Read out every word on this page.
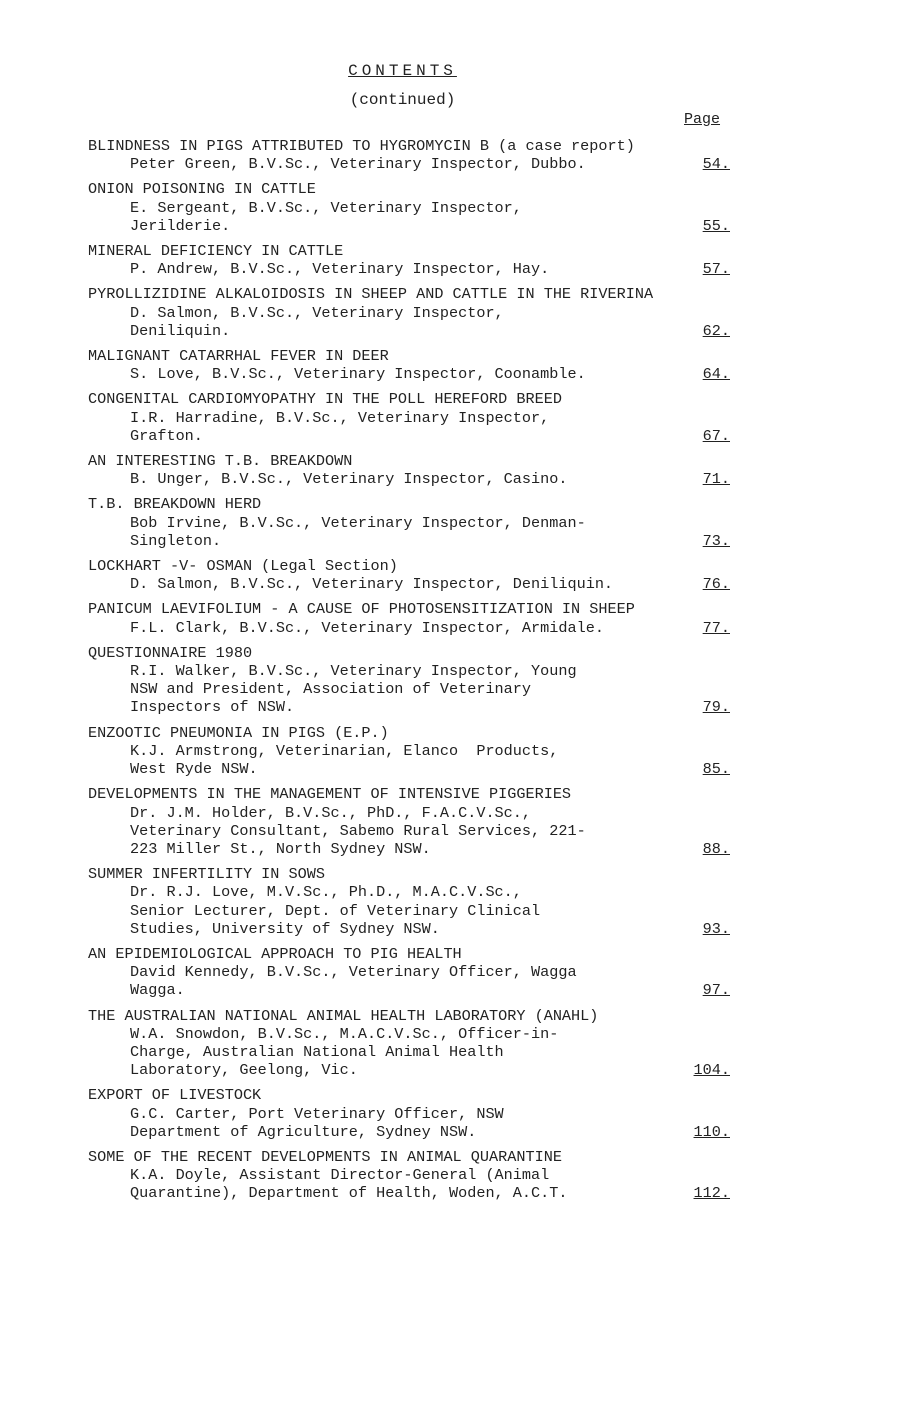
CONTENTS
(continued)
Page
BLINDNESS IN PIGS ATTRIBUTED TO HYGROMYCIN B (a case report)
Peter Green, B.V.Sc., Veterinary Inspector, Dubbo.	54.
ONION POISONING IN CATTLE
E. Sergeant, B.V.Sc., Veterinary Inspector,
Jerilderie.	55.
MINERAL DEFICIENCY IN CATTLE
P. Andrew, B.V.Sc., Veterinary Inspector, Hay.	57.
PYROLLIZIDINE ALKALOIDOSIS IN SHEEP AND CATTLE IN THE RIVERINA
D. Salmon, B.V.Sc., Veterinary Inspector,
Deniliquin.	62.
MALIGNANT CATARRHAL FEVER IN DEER
S. Love, B.V.Sc., Veterinary Inspector, Coonamble.	64.
CONGENITAL CARDIOMYOPATHY IN THE POLL HEREFORD BREED
I.R. Harradine, B.V.Sc., Veterinary Inspector,
Grafton.	67.
AN INTERESTING T.B. BREAKDOWN
B. Unger, B.V.Sc., Veterinary Inspector, Casino.	71.
T.B. BREAKDOWN HERD
Bob Irvine, B.V.Sc., Veterinary Inspector, Denman-
Singleton.	73.
LOCKHART -V- OSMAN (Legal Section)
D. Salmon, B.V.Sc., Veterinary Inspector, Deniliquin.	76.
PANICUM LAEVIFOLIUM - A CAUSE OF PHOTOSENSITIZATION IN SHEEP
F.L. Clark, B.V.Sc., Veterinary Inspector, Armidale.	77.
QUESTIONNAIRE 1980
R.I. Walker, B.V.Sc., Veterinary Inspector, Young
NSW and President, Association of Veterinary
Inspectors of NSW.	79.
ENZOOTIC PNEUMONIA IN PIGS (E.P.)
K.J. Armstrong, Veterinarian, Elanco  Products,
West Ryde NSW.	85.
DEVELOPMENTS IN THE MANAGEMENT OF INTENSIVE PIGGERIES
Dr. J.M. Holder, B.V.Sc., PhD., F.A.C.V.Sc.,
Veterinary Consultant, Sabemo Rural Services, 221-
223 Miller St., North Sydney NSW.	88.
SUMMER INFERTILITY IN SOWS
Dr. R.J. Love, M.V.Sc., Ph.D., M.A.C.V.Sc.,
Senior Lecturer, Dept. of Veterinary Clinical
Studies, University of Sydney NSW.	93.
AN EPIDEMIOLOGICAL APPROACH TO PIG HEALTH
David Kennedy, B.V.Sc., Veterinary Officer, Wagga
Wagga.	97.
THE AUSTRALIAN NATIONAL ANIMAL HEALTH LABORATORY (ANAHL)
W.A. Snowdon, B.V.Sc., M.A.C.V.Sc., Officer-in-
Charge, Australian National Animal Health
Laboratory, Geelong, Vic.	104.
EXPORT OF LIVESTOCK
G.C. Carter, Port Veterinary Officer, NSW
Department of Agriculture, Sydney NSW.	110.
SOME OF THE RECENT DEVELOPMENTS IN ANIMAL QUARANTINE
K.A. Doyle, Assistant Director-General (Animal
Quarantine), Department of Health, Woden, A.C.T.	112.
